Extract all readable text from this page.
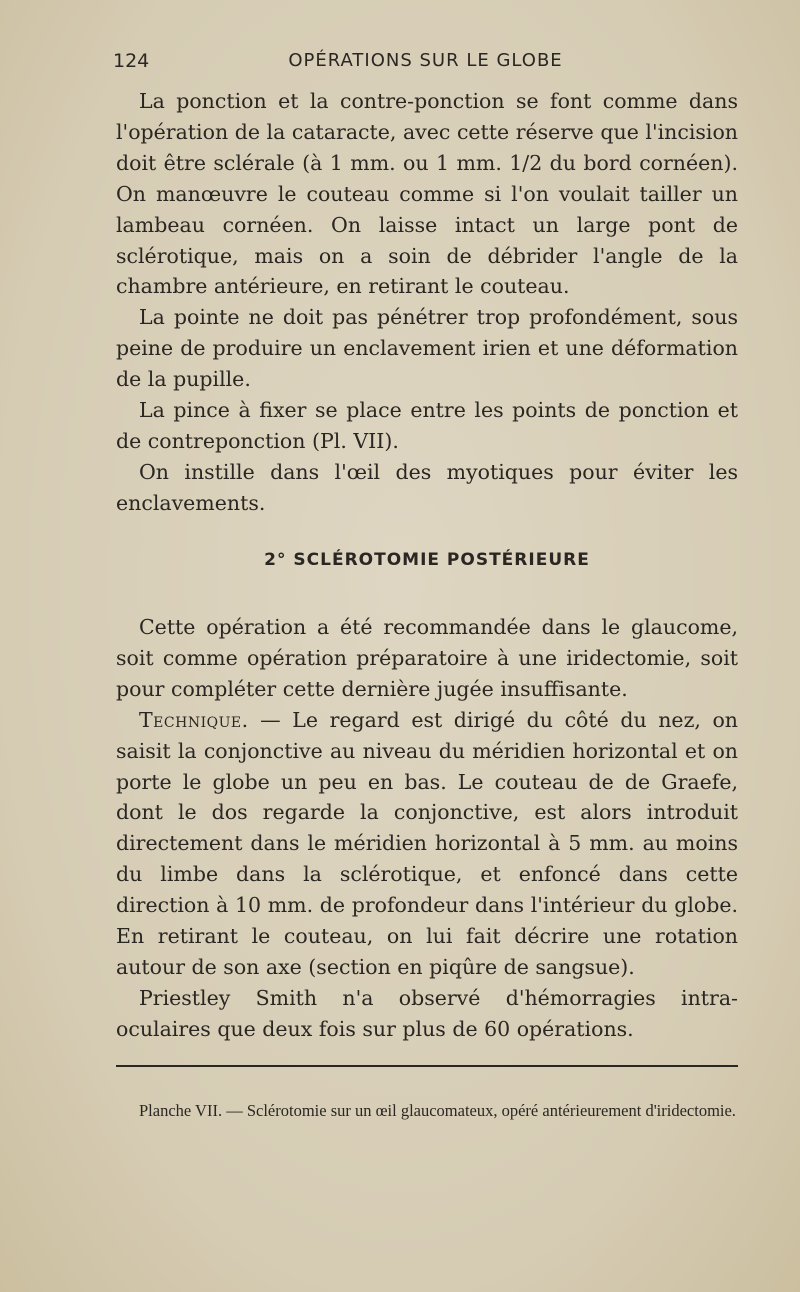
124	OPÉRATIONS SUR LE GLOBE

La ponction et la contre-ponction se font comme dans l'opération de la cataracte, avec cette réserve que l'incision doit être sclérale (à 1 mm. ou 1 mm. 1/2 du bord cornéen). On manœuvre le couteau comme si l'on voulait tailler un lambeau cornéen. On laisse intact un large pont de sclérotique, mais on a soin de débrider l'angle de la chambre antérieure, en retirant le couteau.

La pointe ne doit pas pénétrer trop profondément, sous peine de produire un enclavement irien et une déformation de la pupille.

La pince à fixer se place entre les points de ponction et de contreponction (Pl. VII).

On instille dans l'œil des myotiques pour éviter les enclavements.

2° SCLÉROTOMIE POSTÉRIEURE

Cette opération a été recommandée dans le glaucome, soit comme opération préparatoire à une iridectomie, soit pour compléter cette dernière jugée insuffisante.

Technique. — Le regard est dirigé du côté du nez, on saisit la conjonctive au niveau du méridien horizontal et on porte le globe un peu en bas. Le couteau de de Graefe, dont le dos regarde la conjonctive, est alors introduit directement dans le méridien horizontal à 5 mm. au moins du limbe dans la sclérotique, et enfoncé dans cette direction à 10 mm. de profondeur dans l'intérieur du globe. En retirant le couteau, on lui fait décrire une rotation autour de son axe (section en piqûre de sangsue).

Priestley Smith n'a observé d'hémorragies intra-oculaires que deux fois sur plus de 60 opérations.

Planche VII. — Sclérotomie sur un œil glaucomateux, opéré antérieurement d'iridectomie.
